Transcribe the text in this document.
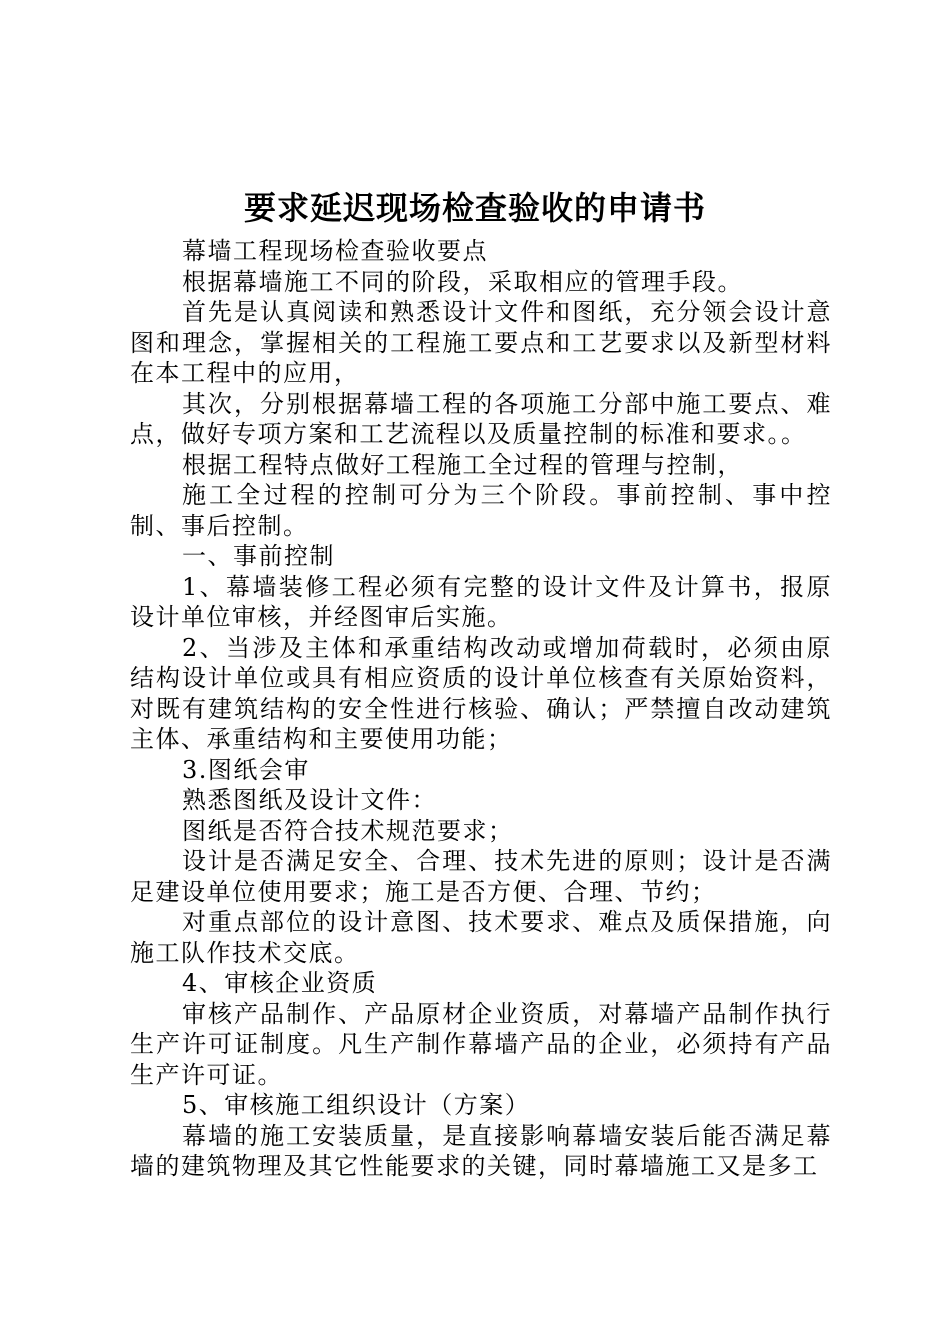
要求延迟现场检查验收的申请书

幕墙工程现场检查验收要点

根据幕墙施工不同的阶段，采取相应的管理手段。

首先是认真阅读和熟悉设计文件和图纸，充分领会设计意图和理念，掌握相关的工程施工要点和工艺要求以及新型材料在本工程中的应用，

其次，分别根据幕墙工程的各项施工分部中施工要点、难点，做好专项方案和工艺流程以及质量控制的标准和要求。。

根据工程特点做好工程施工全过程的管理与控制，

施工全过程的控制可分为三个阶段。事前控制、事中控制、事后控制。

一、事前控制

1、幕墙装修工程必须有完整的设计文件及计算书，报原设计单位审核，并经图审后实施。

2、当涉及主体和承重结构改动或增加荷载时，必须由原结构设计单位或具有相应资质的设计单位核查有关原始资料，对既有建筑结构的安全性进行核验、确认；严禁擅自改动建筑主体、承重结构和主要使用功能；

3.图纸会审

熟悉图纸及设计文件：

图纸是否符合技术规范要求；

设计是否满足安全、合理、技术先进的原则；设计是否满足建设单位使用要求；施工是否方便、合理、节约；

对重点部位的设计意图、技术要求、难点及质保措施，向施工队作技术交底。

4、审核企业资质

审核产品制作、产品原材企业资质，对幕墙产品制作执行生产许可证制度。凡生产制作幕墙产品的企业，必须持有产品生产许可证。

5、审核施工组织设计（方案）

幕墙的施工安装质量，是直接影响幕墙安装后能否满足幕墙的建筑物理及其它性能要求的关键，同时幕墙施工又是多工
